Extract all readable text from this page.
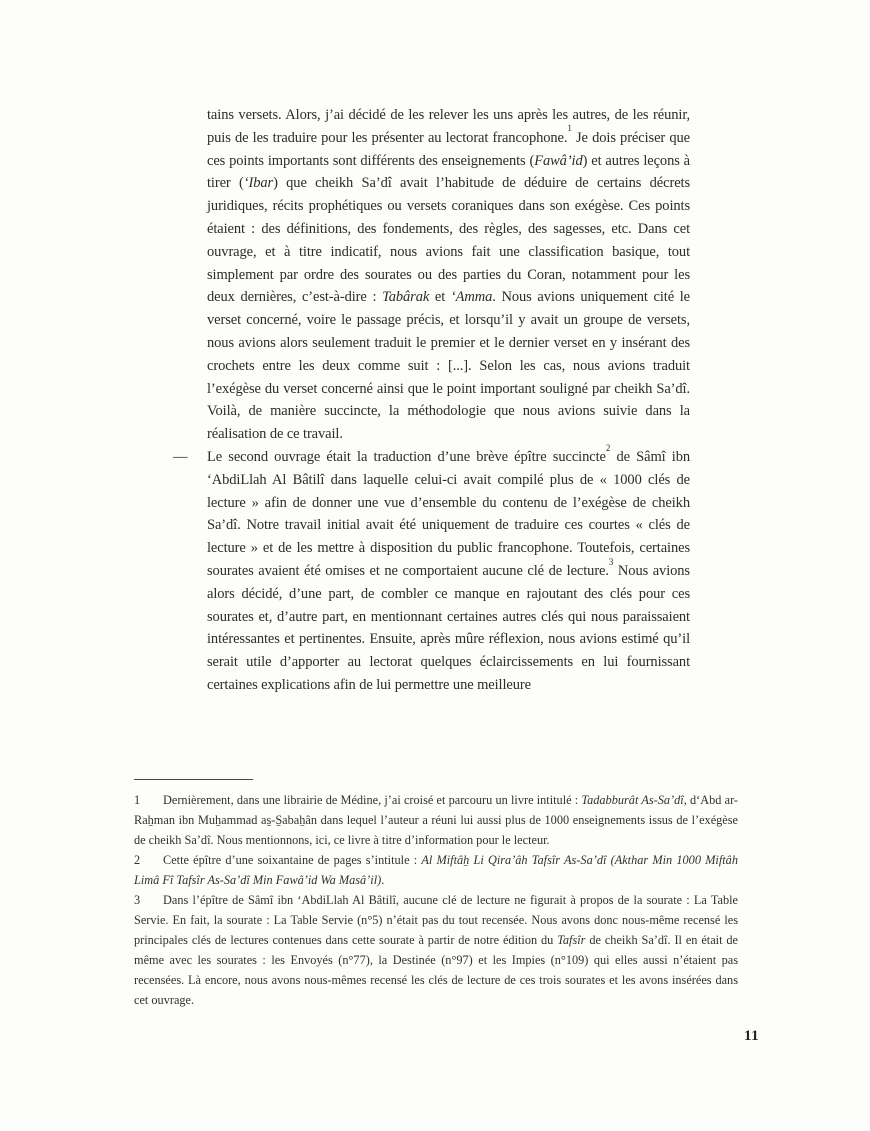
tains versets. Alors, j’ai décidé de les relever les uns après les autres, de les réunir, puis de les traduire pour les présenter au lectorat francophone.$^1$ Je dois préciser que ces points importants sont différents des enseignements (Fawâ’id) et autres leçons à tirer (‘Ibar) que cheikh Sa’dî avait l’habitude de déduire de certains décrets juridiques, récits prophétiques ou versets coraniques dans son exégèse. Ces points étaient : des définitions, des fondements, des règles, des sagesses, etc. Dans cet ouvrage, et à titre indicatif, nous avions fait une classification basique, tout simplement par ordre des sourates ou des parties du Coran, notamment pour les deux dernières, c’est-à-dire : Tabârak et ‘Amma. Nous avions uniquement cité le verset concerné, voire le passage précis, et lorsqu’il y avait un groupe de versets, nous avions alors seulement traduit le premier et le dernier verset en y insérant des crochets entre les deux comme suit : [...]. Selon les cas, nous avions traduit l’exégèse du verset concerné ainsi que le point important souligné par cheikh Sa’dî. Voilà, de manière succincte, la méthodologie que nous avions suivie dans la réalisation de ce travail.

— Le second ouvrage était la traduction d’une brève épître succincte$^2$ de Sâmî ibn ‘AbdiLlah Al Bâtilî dans laquelle celui-ci avait compilé plus de « 1000 clés de lecture » afin de donner une vue d’ensemble du contenu de l’exégèse de cheikh Sa’dî. Notre travail initial avait été uniquement de traduire ces courtes « clés de lecture » et de les mettre à disposition du public francophone. Toutefois, certaines sourates avaient été omises et ne comportaient aucune clé de lecture.$^3$ Nous avions alors décidé, d’une part, de combler ce manque en rajoutant des clés pour ces sourates et, d’autre part, en mentionnant certaines autres clés qui nous paraissaient intéressantes et pertinentes. Ensuite, après mûre réflexion, nous avions estimé qu’il serait utile d’apporter au lectorat quelques éclaircissements en lui fournissant certaines explications afin de lui permettre une meilleure

1 Dernièrement, dans une librairie de Médine, j’ai croisé et parcouru un livre intitulé : Tadabburât As-Sa’dî, d‘Abd ar-Raẖman ibn Muẖammad as̱-S̱abaẖân dans lequel l’auteur a réuni lui aussi plus de 1000 enseignements issus de l’exégèse de cheikh Sa’dî. Nous mentionnons, ici, ce livre à titre d’information pour le lecteur.

2 Cette épître d’une soixantaine de pages s’intitule : Al Miftâẖ Li Qira’âh Tafsîr As-Sa’dî (Akthar Min 1000 Miftâh Limâ Fî Tafsîr As-Sa’dî Min Fawâ’id Wa Masâ’il).

3 Dans l’épître de Sâmî ibn ‘AbdiLlah Al Bâtilî, aucune clé de lecture ne figurait à propos de la sourate : La Table Servie. En fait, la sourate : La Table Servie (n°5) n’était pas du tout recensée. Nous avons donc nous-même recensé les principales clés de lectures contenues dans cette sourate à partir de notre édition du Tafsîr de cheikh Sa’dî. Il en était de même avec les sourates : les Envoyés (n°77), la Destinée (n°97) et les Impies (n°109) qui elles aussi n’étaient pas recensées. Là encore, nous avons nous-mêmes recensé les clés de lecture de ces trois sourates et les avons insérées dans cet ouvrage.

11
